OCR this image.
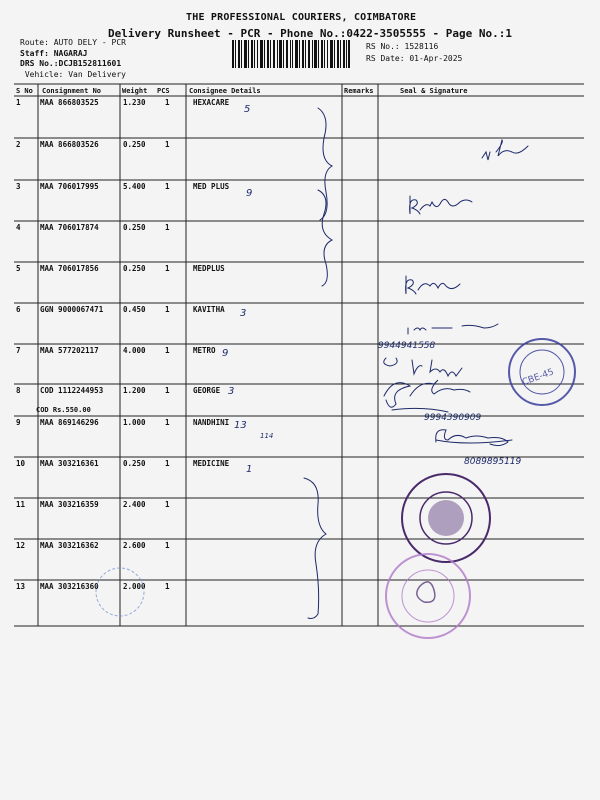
THE PROFESSIONAL COURIERS, COIMBATORE
Delivery Runsheet - PCR - Phone No.:0422-3505555 - Page No.:1
Route: AUTO DELY - PCR
Staff: NAGARAJ
DRS No.:DCJB152811601
Vehicle: Van Delivery
RS No.: 1528116
RS Date: 01-Apr-2025
S No Consignment No	Weight PCS	Consignee Details	Remarks	Seal & Signature
1	MAA 866803525	1.230	1	HEXACARE
2	MAA 866803526	0.250	1
3	MAA 706017995	5.400	1	MED PLUS
4	MAA 706017874	0.250	1
5	MAA 706017856	0.250	1	MEDPLUS
6	GGN 9000067471	0.450	1	KAVITHA
7	MAA 577202117	4.000	1	METRO
8	COD 1112244953	1.200	1	GEORGE
9	MAA 869146296	1.000	1	NANDHINI
10 MAA 303216361	0.250	1	MEDICINE
11 MAA 303216359	2.400	1
12 MAA 303216362	2.600	1
13 MAA 303216360	2.000	1
COD Rs.550.00
5
9
3
9
3
13
114
1
9944941558
9994390909
8089895119
CBE-45
